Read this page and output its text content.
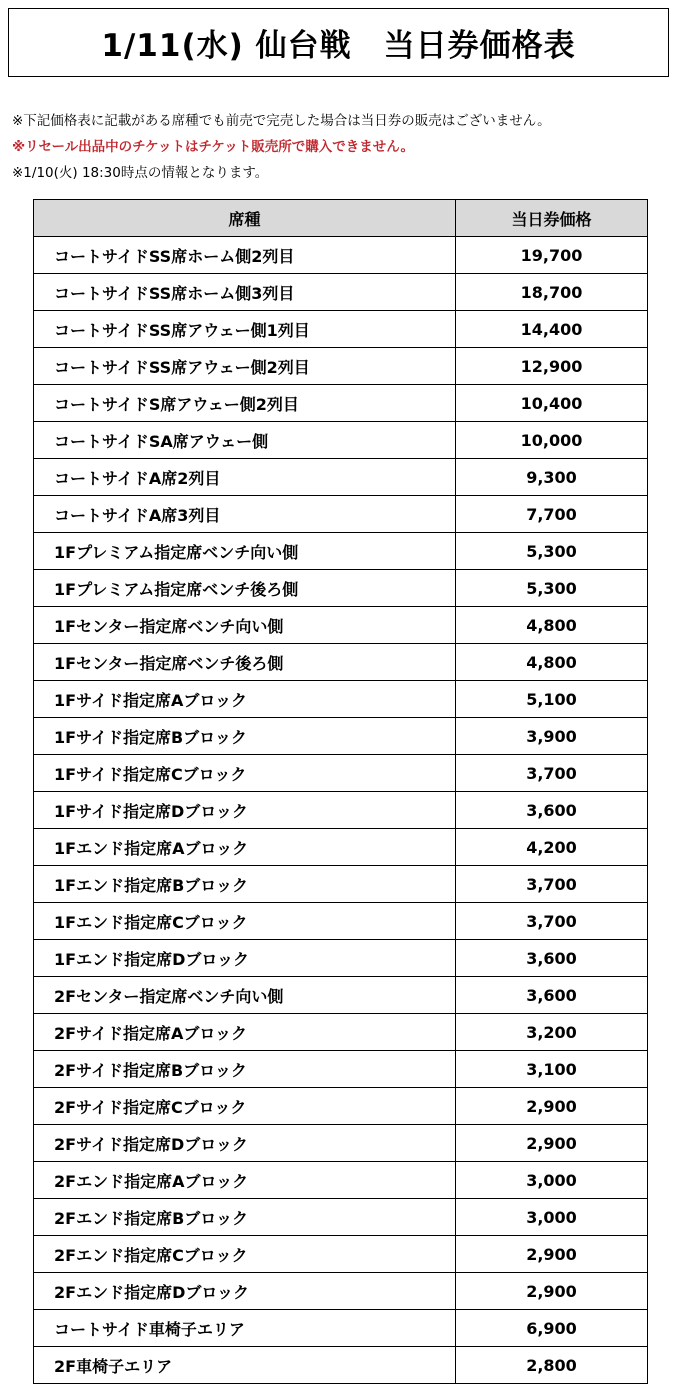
1/11(水) 仙台戦　当日券価格表
※下記価格表に記載がある席種でも前売で完売した場合は当日券の販売はございません。
※リセール出品中のチケットはチケット販売所で購入できません。
※1/10(火) 18:30時点の情報となります。
席種	当日券価格
コートサイドSS席ホーム側2列目	19,700
コートサイドSS席ホーム側3列目	18,700
コートサイドSS席アウェー側1列目	14,400
コートサイドSS席アウェー側2列目	12,900
コートサイドS席アウェー側2列目	10,400
コートサイドSA席アウェー側	10,000
コートサイドA席2列目	9,300
コートサイドA席3列目	7,700
1Fプレミアム指定席ベンチ向い側	5,300
1Fプレミアム指定席ベンチ後ろ側	5,300
1Fセンター指定席ベンチ向い側	4,800
1Fセンター指定席ベンチ後ろ側	4,800
1Fサイド指定席Aブロック	5,100
1Fサイド指定席Bブロック	3,900
1Fサイド指定席Cブロック	3,700
1Fサイド指定席Dブロック	3,600
1Fエンド指定席Aブロック	4,200
1Fエンド指定席Bブロック	3,700
1Fエンド指定席Cブロック	3,700
1Fエンド指定席Dブロック	3,600
2Fセンター指定席ベンチ向い側	3,600
2Fサイド指定席Aブロック	3,200
2Fサイド指定席Bブロック	3,100
2Fサイド指定席Cブロック	2,900
2Fサイド指定席Dブロック	2,900
2Fエンド指定席Aブロック	3,000
2Fエンド指定席Bブロック	3,000
2Fエンド指定席Cブロック	2,900
2Fエンド指定席Dブロック	2,900
コートサイド車椅子エリア	6,900
2F車椅子エリア	2,800
